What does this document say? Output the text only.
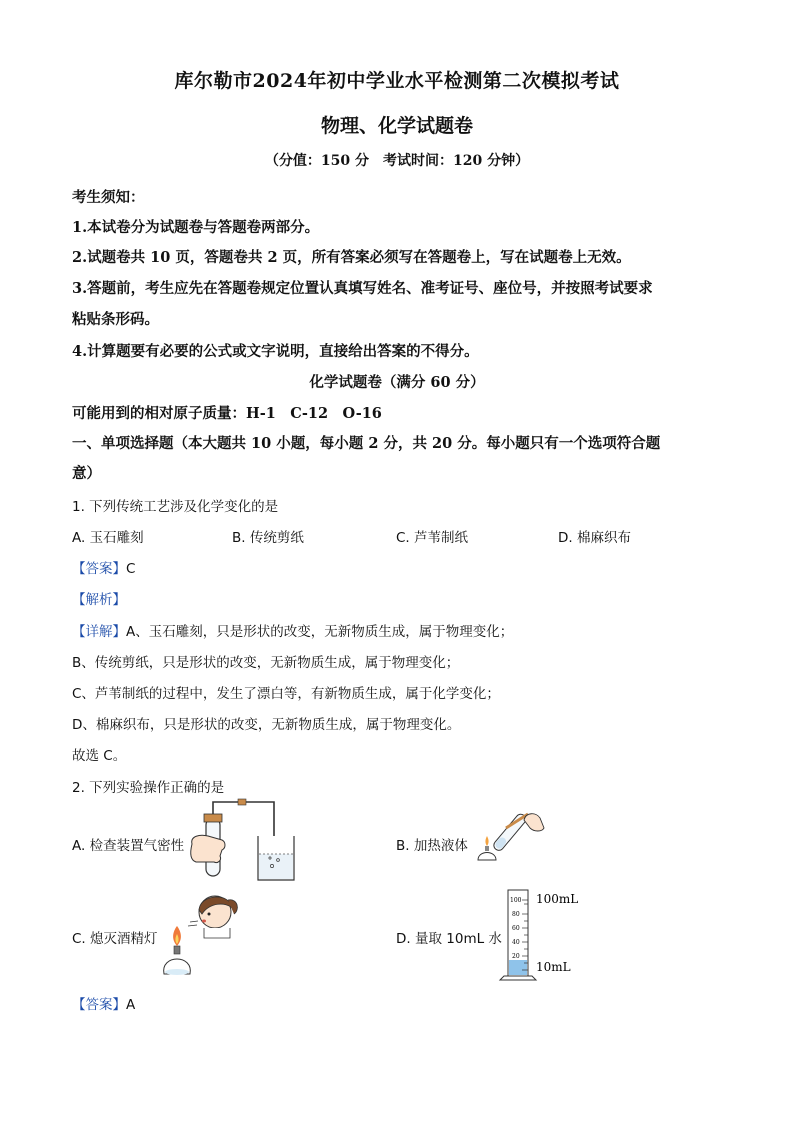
库尔勒市2024年初中学业水平检测第二次模拟考试
物理、化学试题卷
（分值：150 分　考试时间：120 分钟）
考生须知：
1.本试卷分为试题卷与答题卷两部分。
2.试题卷共 10 页，答题卷共 2 页，所有答案必须写在答题卷上，写在试题卷上无效。
3.答题前，考生应先在答题卷规定位置认真填写姓名、准考证号、座位号，并按照考试要求
粘贴条形码。
4.计算题要有必要的公式或文字说明，直接给出答案的不得分。
化学试题卷（满分 60 分）
可能用到的相对原子质量：H-1　C-12　O-16
一、单项选择题（本大题共 10 小题，每小题 2 分，共 20 分。每小题只有一个选项符合题
意）
1. 下列传统工艺涉及化学变化的是
A. 玉石雕刻	B. 传统剪纸	C. 芦苇制纸	D. 棉麻织布
【答案】C
【解析】
【详解】A、玉石雕刻，只是形状的改变，无新物质生成，属于物理变化；
B、传统剪纸，只是形状的改变，无新物质生成，属于物理变化；
C、芦苇制纸的过程中，发生了漂白等，有新物质生成，属于化学变化；
D、棉麻织布，只是形状的改变，无新物质生成，属于物理变化。
故选 C。
2. 下列实验操作正确的是
A. 检查装置气密性	B. 加热液体
C. 熄灭酒精灯	D. 量取 10mL 水
100
80
60
40
20
100mL
10mL
【答案】A
